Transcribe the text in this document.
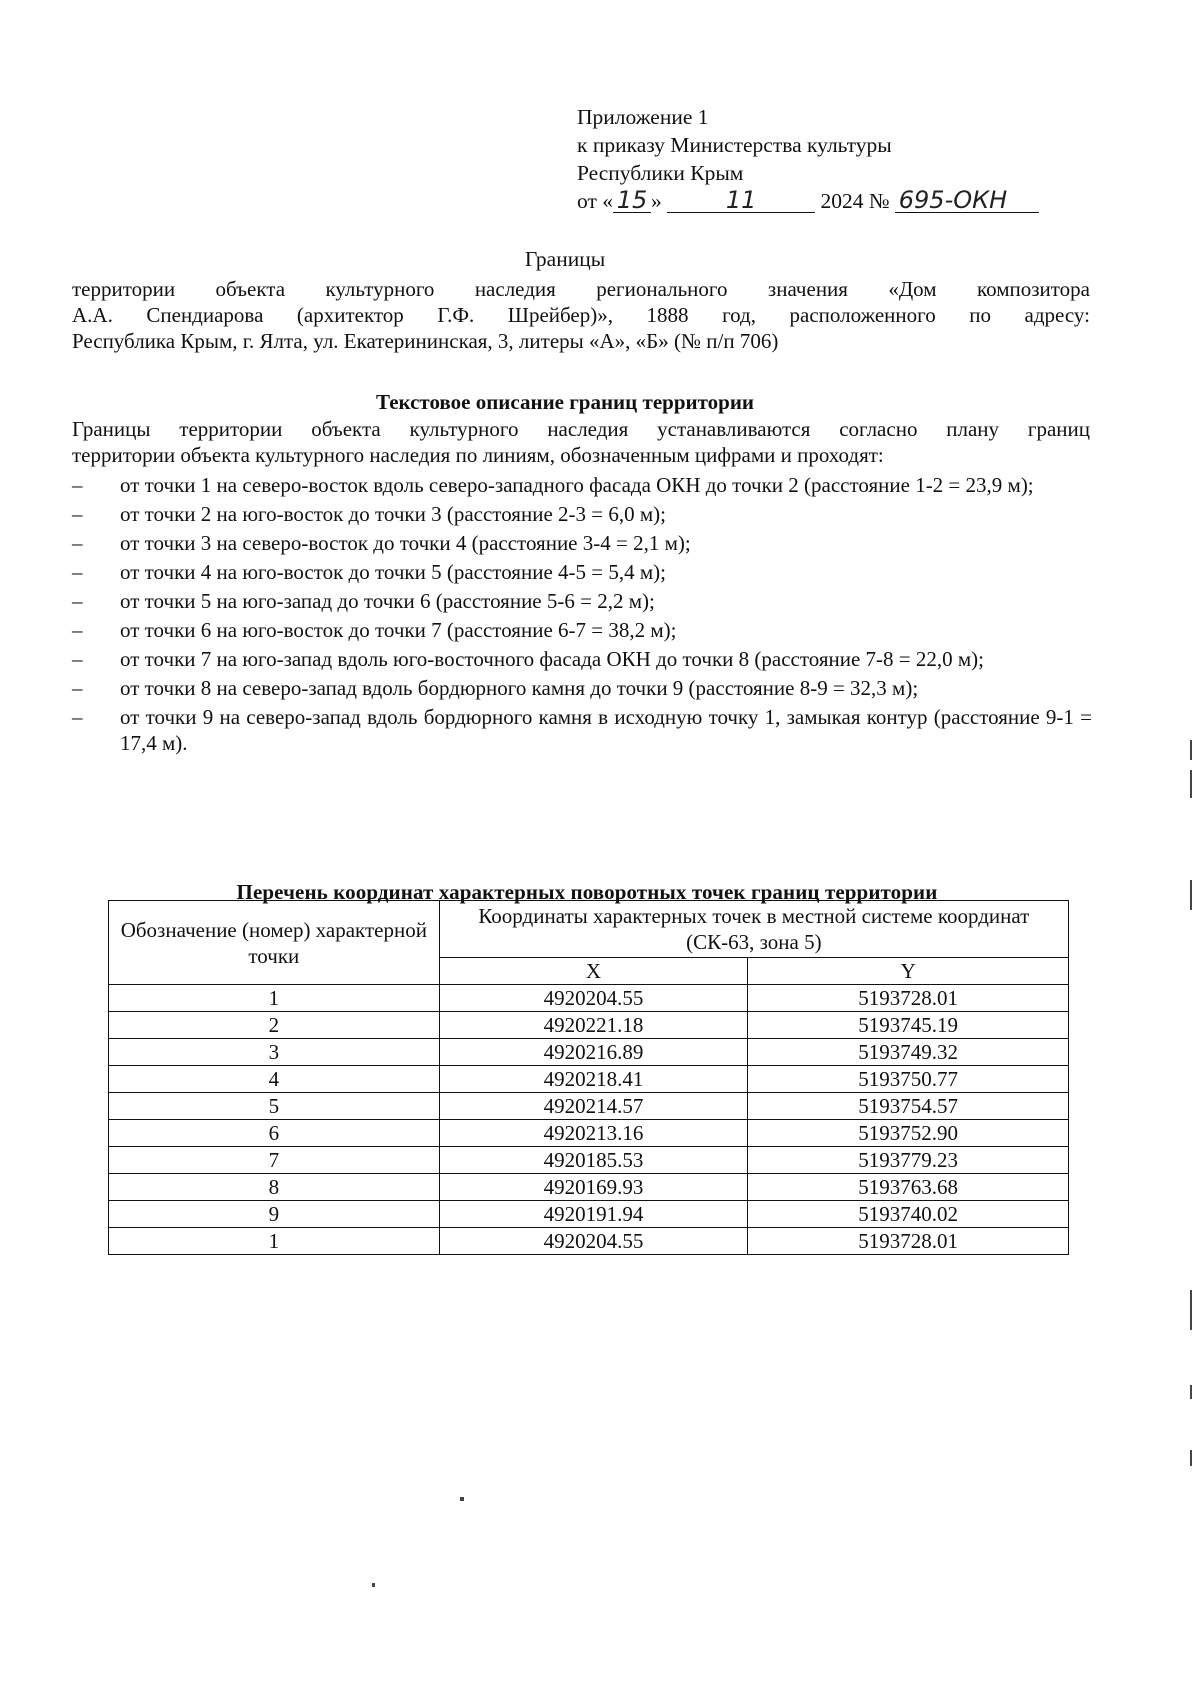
Приложение 1
к приказу Министерства культуры
Республики Крым
от « 15 »	11	2024 № 695-ОКН
Границы
территории объекта культурного наследия регионального значения «Дом композитора
А.А. Спендиарова (архитектор Г.Ф. Шрейбер)», 1888 год, расположенного по адресу:
Республика Крым, г. Ялта, ул. Екатерининская, 3, литеры «А», «Б» (№ п/п 706)
Текстовое описание границ территории
Границы территории объекта культурного наследия устанавливаются согласно плану границ
территории объекта культурного наследия по линиям, обозначенным цифрами и проходят:
– от точки 1 на северо-восток вдоль северо-западного фасада ОКН до точки 2 (расстояние 1-2 = 23,9 м);
– от точки 2 на юго-восток до точки 3 (расстояние 2-3 = 6,0 м);
– от точки 3 на северо-восток до точки 4 (расстояние 3-4 = 2,1 м);
– от точки 4 на юго-восток до точки 5 (расстояние 4-5 = 5,4 м);
– от точки 5 на юго-запад до точки 6 (расстояние 5-6 = 2,2 м);
– от точки 6 на юго-восток до точки 7 (расстояние 6-7 = 38,2 м);
– от точки 7 на юго-запад вдоль юго-восточного фасада ОКН до точки 8 (расстояние 7-8 = 22,0 м);
– от точки 8 на северо-запад вдоль бордюрного камня до точки 9 (расстояние 8-9 = 32,3 м);
– от точки 9 на северо-запад вдоль бордюрного камня в исходную точку 1, замыкая контур (расстояние 9-1 = 17,4 м).
Перечень координат характерных поворотных точек границ территории
Обозначение (номер) характерной точки	Координаты характерных точек в местной системе координат (СК-63, зона 5)	
	X	Y
1	4920204.55	5193728.01
2	4920221.18	5193745.19
3	4920216.89	5193749.32
4	4920218.41	5193750.77
5	4920214.57	5193754.57
6	4920213.16	5193752.90
7	4920185.53	5193779.23
8	4920169.93	5193763.68
9	4920191.94	5193740.02
1	4920204.55	5193728.01
